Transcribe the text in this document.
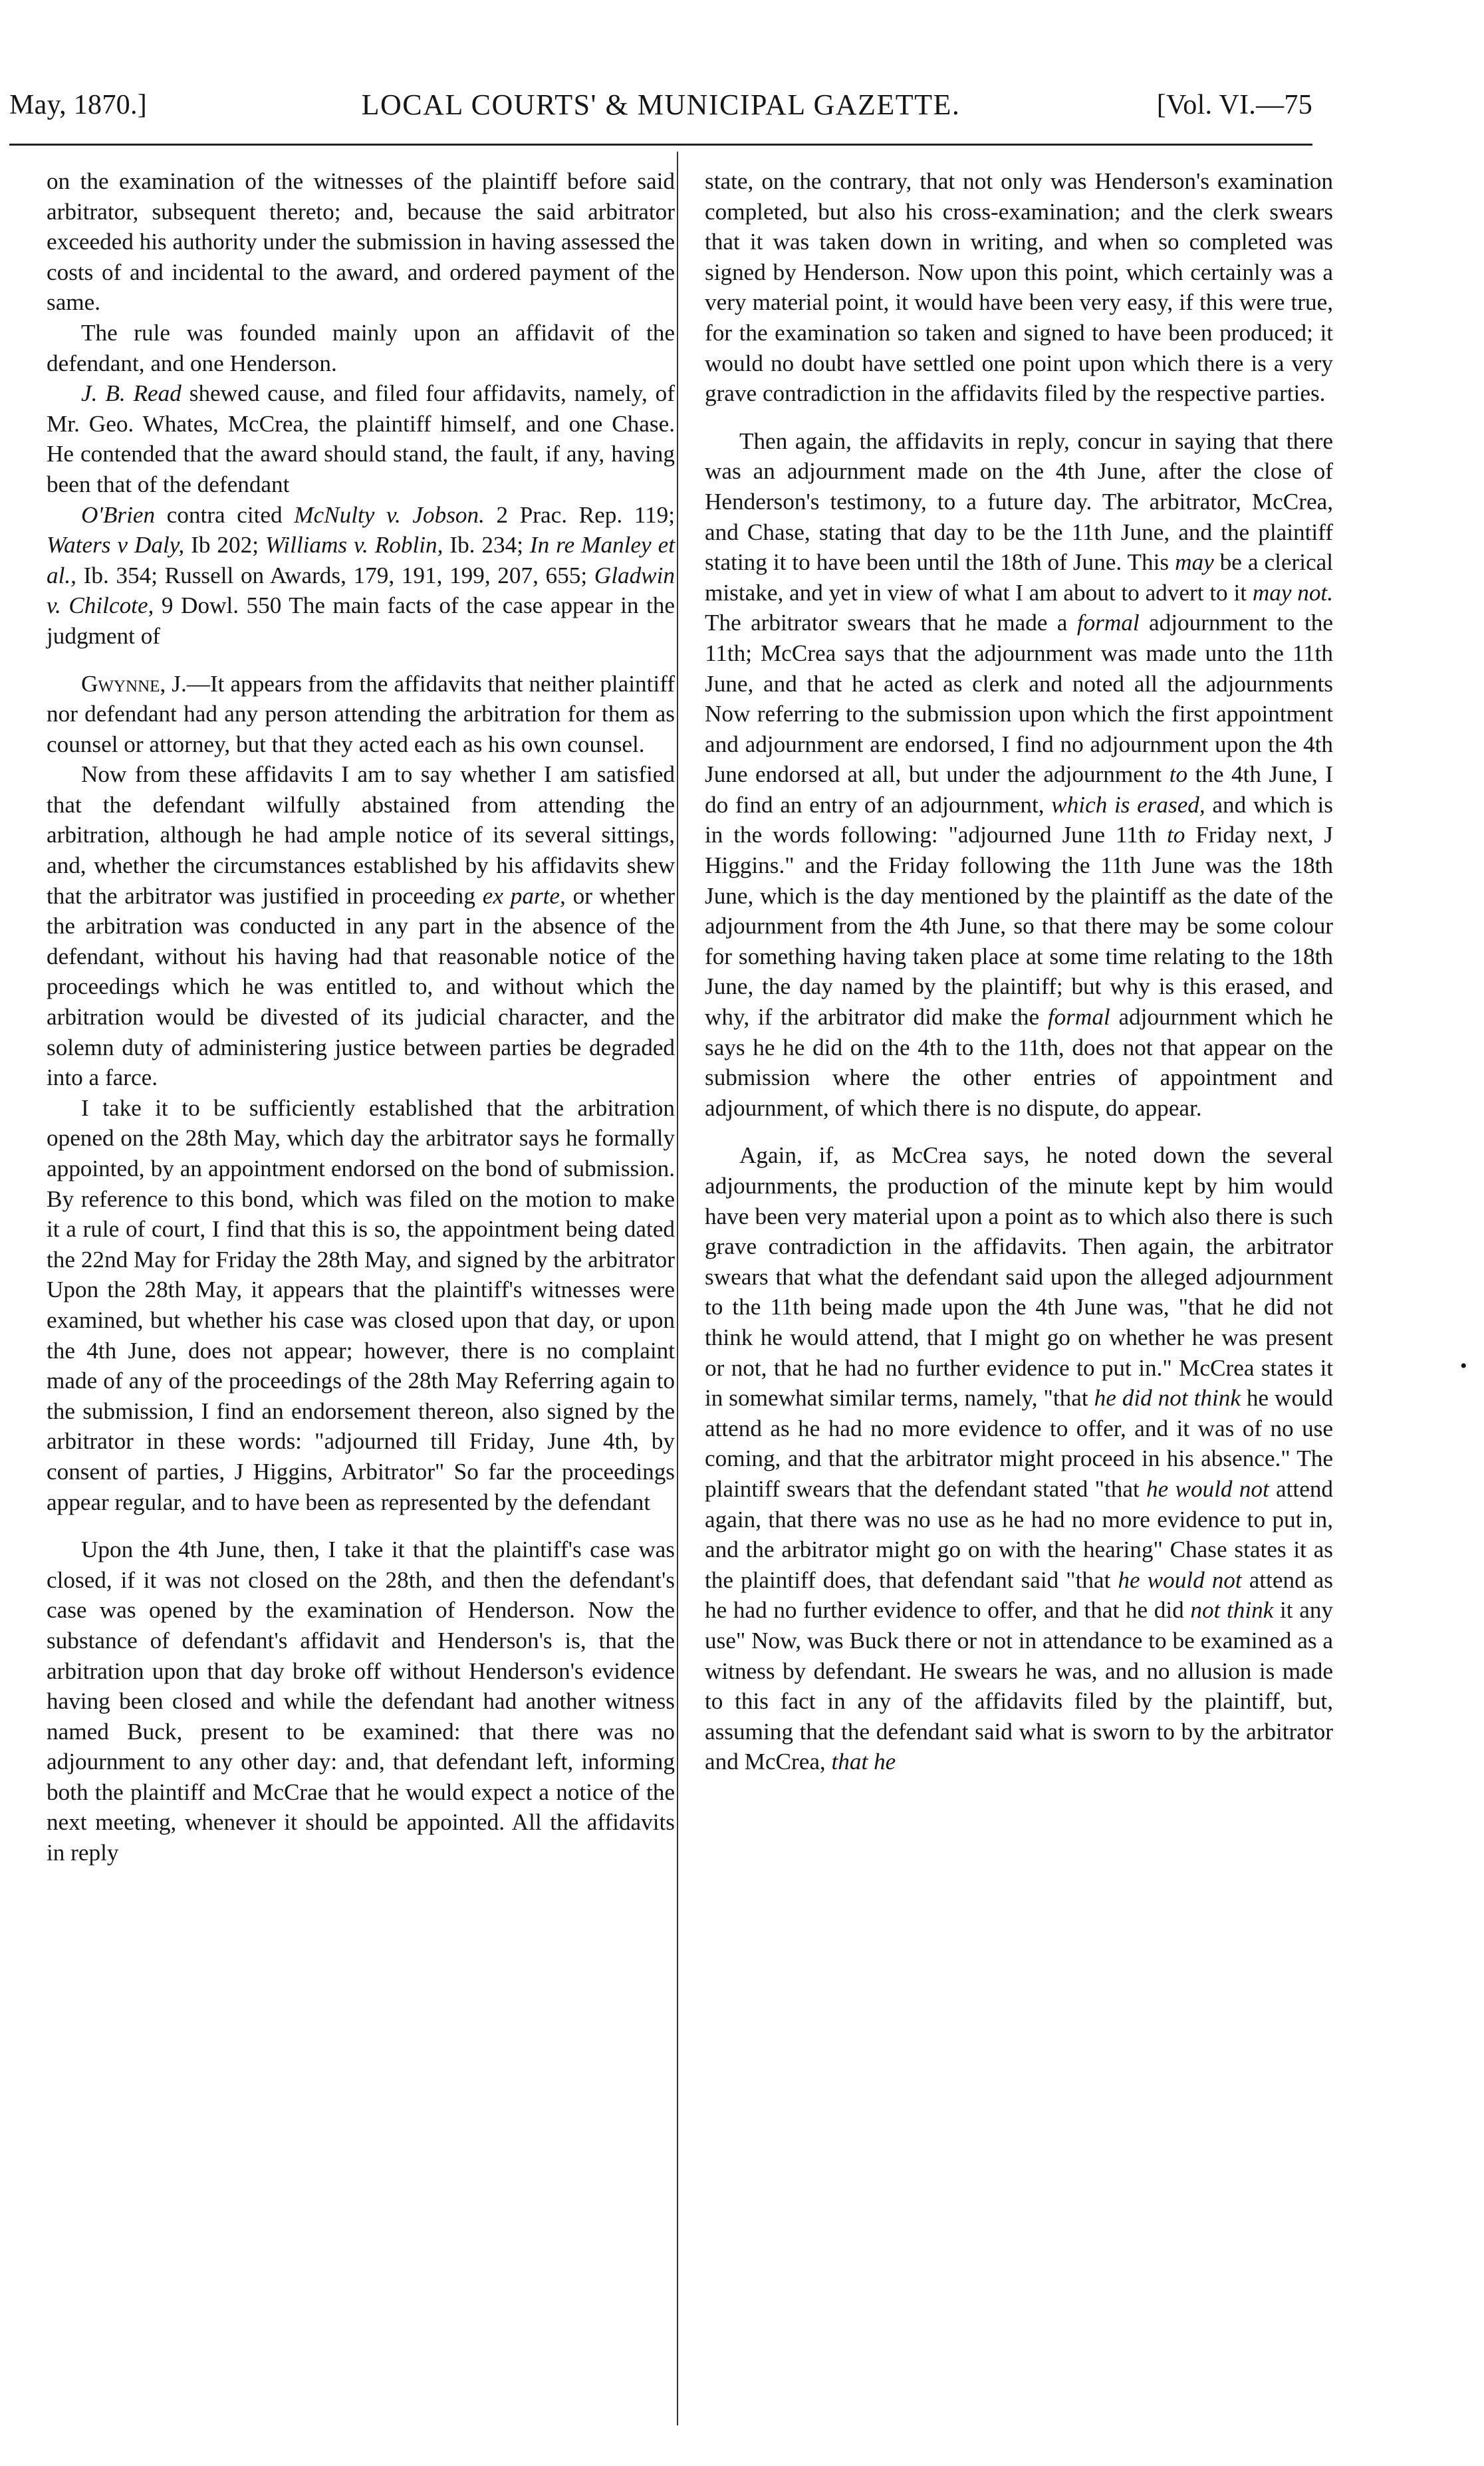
May, 1870.]	LOCAL COURTS' & MUNICIPAL GAZETTE.	[Vol. VI.—75

on the examination of the witnesses of the plaintiff before said arbitrator, subsequent thereto; and, because the said arbitrator exceeded his authority under the submission in having assessed the costs of and incidental to the award, and ordered payment of the same.

The rule was founded mainly upon an affidavit of the defendant, and one Henderson.

J. B. Read shewed cause, and filed four affidavits, namely, of Mr. Geo. Whates, McCrea, the plaintiff himself, and one Chase. He contended that the award should stand, the fault, if any, having been that of the defendant

O'Brien contra cited McNulty v. Jobson. 2 Prac. Rep. 119; Waters v Daly, Ib 202; Williams v. Roblin, Ib. 234; In re Manley et al., Ib. 354; Russell on Awards, 179, 191, 199, 207, 655; Gladwin v. Chilcote, 9 Dowl. 550 The main facts of the case appear in the judgment of

Gwynne, J.—It appears from the affidavits that neither plaintiff nor defendant had any person attending the arbitration for them as counsel or attorney, but that they acted each as his own counsel.

Now from these affidavits I am to say whether I am satisfied that the defendant wilfully abstained from attending the arbitration, although he had ample notice of its several sittings, and, whether the circumstances established by his affidavits shew that the arbitrator was justified in proceeding ex parte, or whether the arbitration was conducted in any part in the absence of the defendant, without his having had that reasonable notice of the proceedings which he was entitled to, and without which the arbitration would be divested of its judicial character, and the solemn duty of administering justice between parties be degraded into a farce.

I take it to be sufficiently established that the arbitration opened on the 28th May, which day the arbitrator says he formally appointed, by an appointment endorsed on the bond of submission. By reference to this bond, which was filed on the motion to make it a rule of court, I find that this is so, the appointment being dated the 22nd May for Friday the 28th May, and signed by the arbitrator Upon the 28th May, it appears that the plaintiff's witnesses were examined, but whether his case was closed upon that day, or upon the 4th June, does not appear; however, there is no complaint made of any of the proceedings of the 28th May Referring again to the submission, I find an endorsement thereon, also signed by the arbitrator in these words: "adjourned till Friday, June 4th, by consent of parties, J Higgins, Arbitrator" So far the proceedings appear regular, and to have been as represented by the defendant

Upon the 4th June, then, I take it that the plaintiff's case was closed, if it was not closed on the 28th, and then the defendant's case was opened by the examination of Henderson. Now the substance of defendant's affidavit and Henderson's is, that the arbitration upon that day broke off without Henderson's evidence having been closed and while the defendant had another witness named Buck, present to be examined: that there was no adjournment to any other day: and, that defendant left, informing both the plaintiff and McCrae that he would expect a notice of the next meeting, whenever it should be appointed. All the affidavits in reply

state, on the contrary, that not only was Henderson's examination completed, but also his cross-examination; and the clerk swears that it was taken down in writing, and when so completed was signed by Henderson. Now upon this point, which certainly was a very material point, it would have been very easy, if this were true, for the examination so taken and signed to have been produced; it would no doubt have settled one point upon which there is a very grave contradiction in the affidavits filed by the respective parties.

Then again, the affidavits in reply, concur in saying that there was an adjournment made on the 4th June, after the close of Henderson's testimony, to a future day. The arbitrator, McCrea, and Chase, stating that day to be the 11th June, and the plaintiff stating it to have been until the 18th of June. This may be a clerical mistake, and yet in view of what I am about to advert to it may not. The arbitrator swears that he made a formal adjournment to the 11th; McCrea says that the adjournment was made unto the 11th June, and that he acted as clerk and noted all the adjournments Now referring to the submission upon which the first appointment and adjournment are endorsed, I find no adjournment upon the 4th June endorsed at all, but under the adjournment to the 4th June, I do find an entry of an adjournment, which is erased, and which is in the words following: "adjourned June 11th to Friday next, J Higgins." and the Friday following the 11th June was the 18th June, which is the day mentioned by the plaintiff as the date of the adjournment from the 4th June, so that there may be some colour for something having taken place at some time relating to the 18th June, the day named by the plaintiff; but why is this erased, and why, if the arbitrator did make the formal adjournment which he says he he did on the 4th to the 11th, does not that appear on the submission where the other entries of appointment and adjournment, of which there is no dispute, do appear.

Again, if, as McCrea says, he noted down the several adjournments, the production of the minute kept by him would have been very material upon a point as to which also there is such grave contradiction in the affidavits. Then again, the arbitrator swears that what the defendant said upon the alleged adjournment to the 11th being made upon the 4th June was, "that he did not think he would attend, that I might go on whether he was present or not, that he had no further evidence to put in." McCrea states it in somewhat similar terms, namely, "that he did not think he would attend as he had no more evidence to offer, and it was of no use coming, and that the arbitrator might proceed in his absence." The plaintiff swears that the defendant stated "that he would not attend again, that there was no use as he had no more evidence to put in, and the arbitrator might go on with the hearing" Chase states it as the plaintiff does, that defendant said "that he would not attend as he had no further evidence to offer, and that he did not think it any use" Now, was Buck there or not in attendance to be examined as a witness by defendant. He swears he was, and no allusion is made to this fact in any of the affidavits filed by the plaintiff, but, assuming that the defendant said what is sworn to by the arbitrator and McCrea, that he

•
